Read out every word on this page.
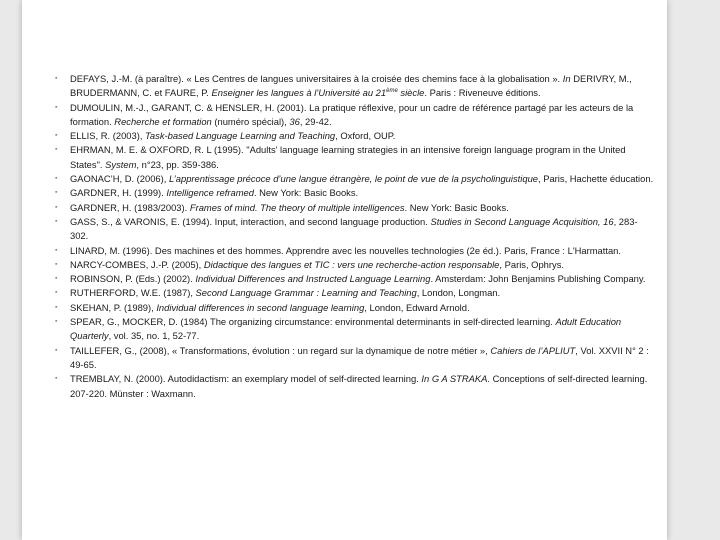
▪ DEFAYS, J.-M. (à paraître). « Les Centres de langues universitaires à la croisée des chemins face à la globalisation ». In DERIVRY, M., BRUDERMANN, C. et FAURE, P. Enseigner les langues à l’Université au 21ème siècle. Paris : Riveneuve éditions.
▪ DUMOULIN, M.-J., GARANT, C. & HENSLER, H. (2001). La pratique réflexive, pour un cadre de référence partagé par les acteurs de la formation. Recherche et formation (numéro spécial), 36, 29-42.
▪ ELLIS, R. (2003), Task-based Language Learning and Teaching, Oxford, OUP.
▪ EHRMAN, M. E. & OXFORD, R. L (1995). "Adults' language learning strategies in an intensive foreign language program in the United States". System, n°23, pp. 359-386.
▪ GAONAC’H, D. (2006), L’apprentissage précoce d’une langue étrangère, le point de vue de la psycholinguistique, Paris, Hachette éducation.
▪ GARDNER, H. (1999). Intelligence reframed. New York: Basic Books.
▪ GARDNER, H. (1983/2003). Frames of mind. The theory of multiple intelligences. New York: Basic Books.
▪ GASS, S., & VARONIS, E. (1994). Input, interaction, and second language production. Studies in Second Language Acquisition, 16, 283-302.
▪ LINARD, M. (1996). Des machines et des hommes. Apprendre avec les nouvelles technologies (2e éd.). Paris, France : L'Harmattan.
▪ NARCY-COMBES, J.-P. (2005), Didactique des langues et TIC : vers une recherche-action responsable, Paris, Ophrys.
▪ ROBINSON, P. (Eds.) (2002). Individual Differences and Instructed Language Learning. Amsterdam: John Benjamins Publishing Company.
▪ RUTHERFORD, W.E. (1987), Second Language Grammar : Learning and Teaching, London, Longman.
▪ SKEHAN, P. (1989), Individual differences in second language learning, London, Edward Arnold.
▪ SPEAR, G., MOCKER, D. (1984) The organizing circumstance: environmental determinants in self-directed learning. Adult Education Quarterly, vol. 35, no. 1, 52-77.
▪ TAILLEFER, G., (2008), « Transformations, évolution : un regard sur la dynamique de notre métier », Cahiers de l’APLIUT, Vol. XXVII N° 2 : 49-65.
▪ TREMBLAY, N. (2000). Autodidactism: an exemplary model of self-directed learning. In G A STRAKA. Conceptions of self-directed learning. 207-220. Münster : Waxmann.
